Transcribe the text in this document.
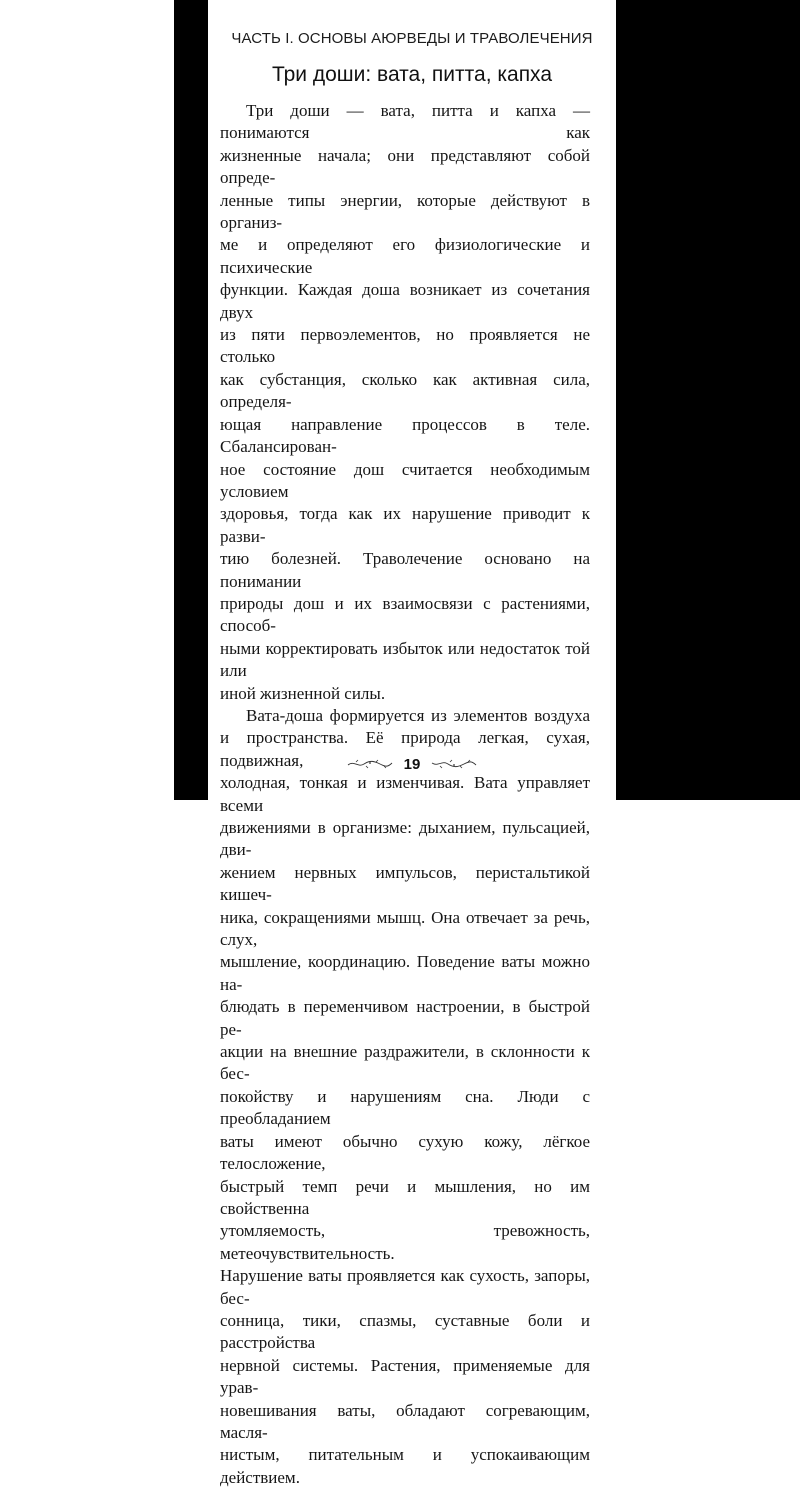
ЧАСТЬ I. ОСНОВЫ АЮРВЕДЫ И ТРАВОЛЕЧЕНИЯ
Три доши: вата, питта, капха

Три доши — вата, питта и капха — понимаются как
жизненные начала; они представляют собой опреде-
ленные типы энергии, которые действуют в организ-
ме и определяют его физиологические и психические
функции. Каждая доша возникает из сочетания двух
из пяти первоэлементов, но проявляется не столько
как субстанция, сколько как активная сила, определя-
ющая направление процессов в теле. Сбалансирован-
ное состояние дош считается необходимым условием
здоровья, тогда как их нарушение приводит к разви-
тию болезней. Траволечение основано на понимании
природы дош и их взаимосвязи с растениями, способ-
ными корректировать избыток или недостаток той или
иной жизненной силы.

Вата-доша формируется из элементов воздуха
и пространства. Её природа легкая, сухая, подвижная,
холодная, тонкая и изменчивая. Вата управляет всеми
движениями в организме: дыханием, пульсацией, дви-
жением нервных импульсов, перистальтикой кишеч-
ника, сокращениями мышц. Она отвечает за речь, слух,
мышление, координацию. Поведение ваты можно на-
блюдать в переменчивом настроении, в быстрой ре-
акции на внешние раздражители, в склонности к бес-
покойству и нарушениям сна. Люди с преобладанием
ваты имеют обычно сухую кожу, лёгкое телосложение,
быстрый темп речи и мышления, но им свойственна
утомляемость, тревожность, метеочувствительность.
Нарушение ваты проявляется как сухость, запоры, бес-
сонница, тики, спазмы, суставные боли и расстройства
нервной системы. Растения, применяемые для урав-
новешивания ваты, обладают согревающим, масля-
нистым, питательным и успокаивающим действием.

19
